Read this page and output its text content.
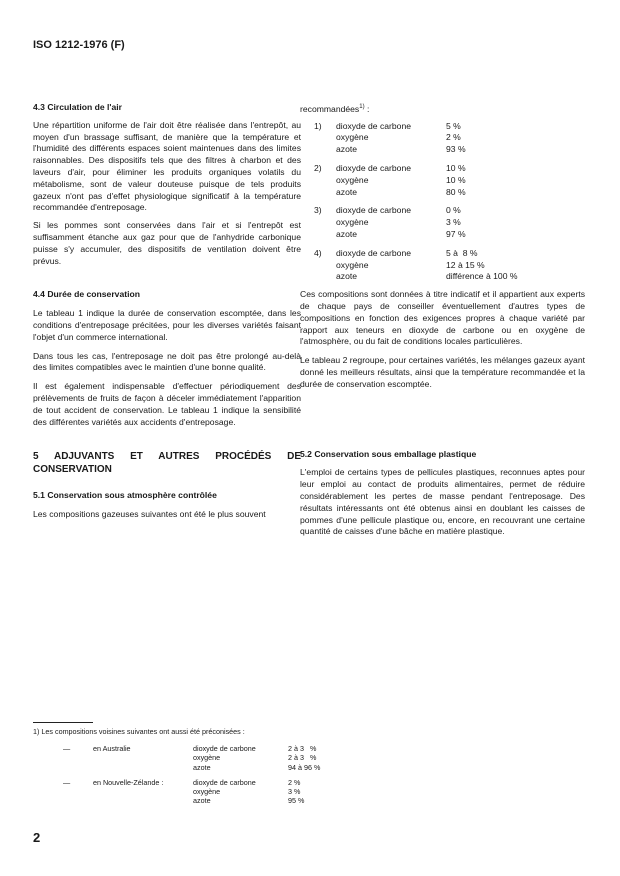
ISO 1212-1976 (F)
4.3 Circulation de l'air

Une répartition uniforme de l'air doit être réalisée dans l'entrepôt, au moyen d'un brassage suffisant, de manière que la température et l'humidité des différents espaces soient maintenues dans des limites raisonnables. Des dispositifs tels que des filtres à charbon et des laveurs d'air, pour éliminer les produits organiques volatils du métabolisme, sont de valeur douteuse puisque de tels produits gazeux n'ont pas d'effet physiologique significatif à la température recommandée d'entreposage.

Si les pommes sont conservées dans l'air et si l'entrepôt est suffisamment étanche aux gaz pour que de l'anhydride carbonique puisse s'y accumuler, des dispositifs de ventilation doivent être prévus.

4.4 Durée de conservation

Le tableau 1 indique la durée de conservation escomptée, dans les conditions d'entreposage précitées, pour les diverses variétés faisant l'objet d'un commerce international.

Dans tous les cas, l'entreposage ne doit pas être prolongé au-delà des limites compatibles avec le maintien d'une bonne qualité.

Il est également indispensable d'effectuer périodiquement des prélèvements de fruits de façon à déceler immédiatement l'apparition de tout accident de conservation. Le tableau 1 indique la sensibilité des différentes variétés aux accidents d'entreposage.

5 ADJUVANTS ET AUTRES PROCÉDÉS DE CONSERVATION
5.1 Conservation sous atmosphère contrôlée

Les compositions gazeuses suivantes ont été le plus souvent

recommandées$^{1)}$ :
1)	dioxyde de carbone	5 %
oxygène	2 %
azote	93 %
2)	dioxyde de carbone	10 %
oxygène	10 %
azote	80 %
3)	dioxyde de carbone	0 %
oxygène	3 %
azote	97 %
4)	dioxyde de carbone	5 à  8 %
oxygène	12 à 15 %
azote	différence à 100 %

Ces compositions sont données à titre indicatif et il appartient aux experts de chaque pays de conseiller éventuellement d'autres types de compositions en fonction des exigences propres à chaque variété par rapport aux teneurs en dioxyde de carbone ou en oxygène de l'atmosphère, ou du fait de conditions locales particulières.

Le tableau 2 regroupe, pour certaines variétés, les mélanges gazeux ayant donné les meilleurs résultats, ainsi que la température recommandée et la durée de conservation escomptée.

5.2 Conservation sous emballage plastique

L'emploi de certains types de pellicules plastiques, reconnues aptes pour leur emploi au contact de produits alimentaires, permet de réduire considérablement les pertes de masse pendant l'entreposage. Des résultats intéressants ont été obtenus ainsi en doublant les caisses de pommes d'une pellicule plastique ou, encore, en recouvrant une certaine quantité de caisses d'une bâche en matière plastique.

1) Les compositions voisines suivantes ont aussi été préconisées :
—	en Australie	dioxyde de carbone	2 à 3   %
oxygène	2 à 3   %
azote	94 à 96 %
—	en Nouvelle-Zélande :	dioxyde de carbone	2 %
oxygène	3 %
azote	95 %
2
